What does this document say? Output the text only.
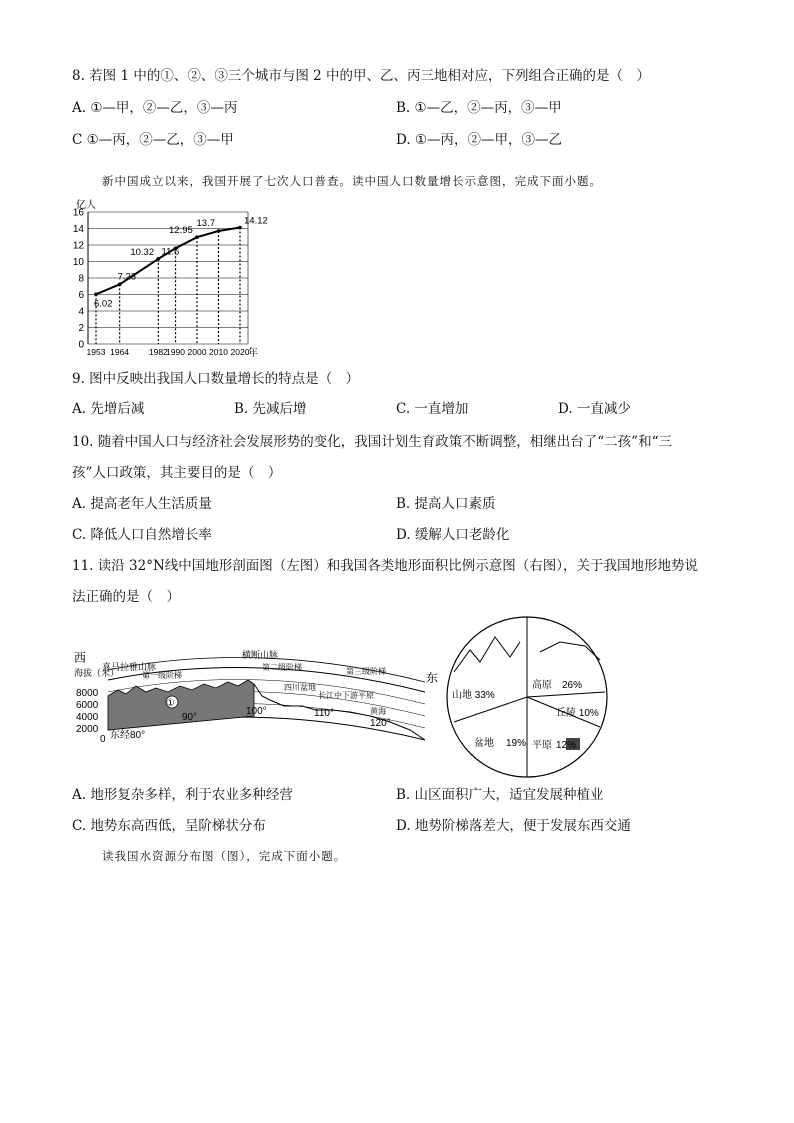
8. 若图 1 中的①、②、③三个城市与图 2 中的甲、乙、丙三地相对应，下列组合正确的是（　）
A. ①—甲，②—乙，③—丙	B. ①—乙，②—丙，③—甲
C ①—丙，②—乙，③—甲	D. ①—丙，②—甲，③—乙
新中国成立以来，我国开展了七次人口普查。读中国人口数量增长示意图，完成下面小题。
6.02
7.23
10.32 11.6
12.95
13.7	14.12
0
2
4
6
8
10
12
14
16
1953 1964 1982
1990 2000 2010 2020
亿人
年
9. 图中反映出我国人口数量增长的特点是（　）
A. 先增后减	B. 先减后增	C. 一直增加	D. 一直减少
10. 随着中国人口与经济社会发展形势的变化，我国计划生育政策不断调整，相继出台了“二孩”和“三
孩”人口政策，其主要目的是（　）
A. 提高老年人生活质量	B. 提高人口素质
C. 降低人口自然增长率	D. 缓解人口老龄化
11. 读沿 32°N线中国地形剖面图（左图）和我国各类地形面积比例示意图（右图），关于我国地形地势说
法正确的是（　）
西
海拔（米）
8000
6000
4000
2000
0
①
喜马拉雅山脉
横断山脉
第一级阶梯
第二级阶梯	第三级阶梯
四川盆地
长江中下游平原
黄海
东
东经80°
90°
100°	110°
120°
山地 33%
高原 26%
丘陵 10%
盆地 19% 平原 12%
A. 地形复杂多样，利于农业多种经营	B. 山区面积广大，适宜发展种植业
C. 地势东高西低，呈阶梯状分布	D. 地势阶梯落差大，便于发展东西交通
读我国水资源分布图（图），完成下面小题。
